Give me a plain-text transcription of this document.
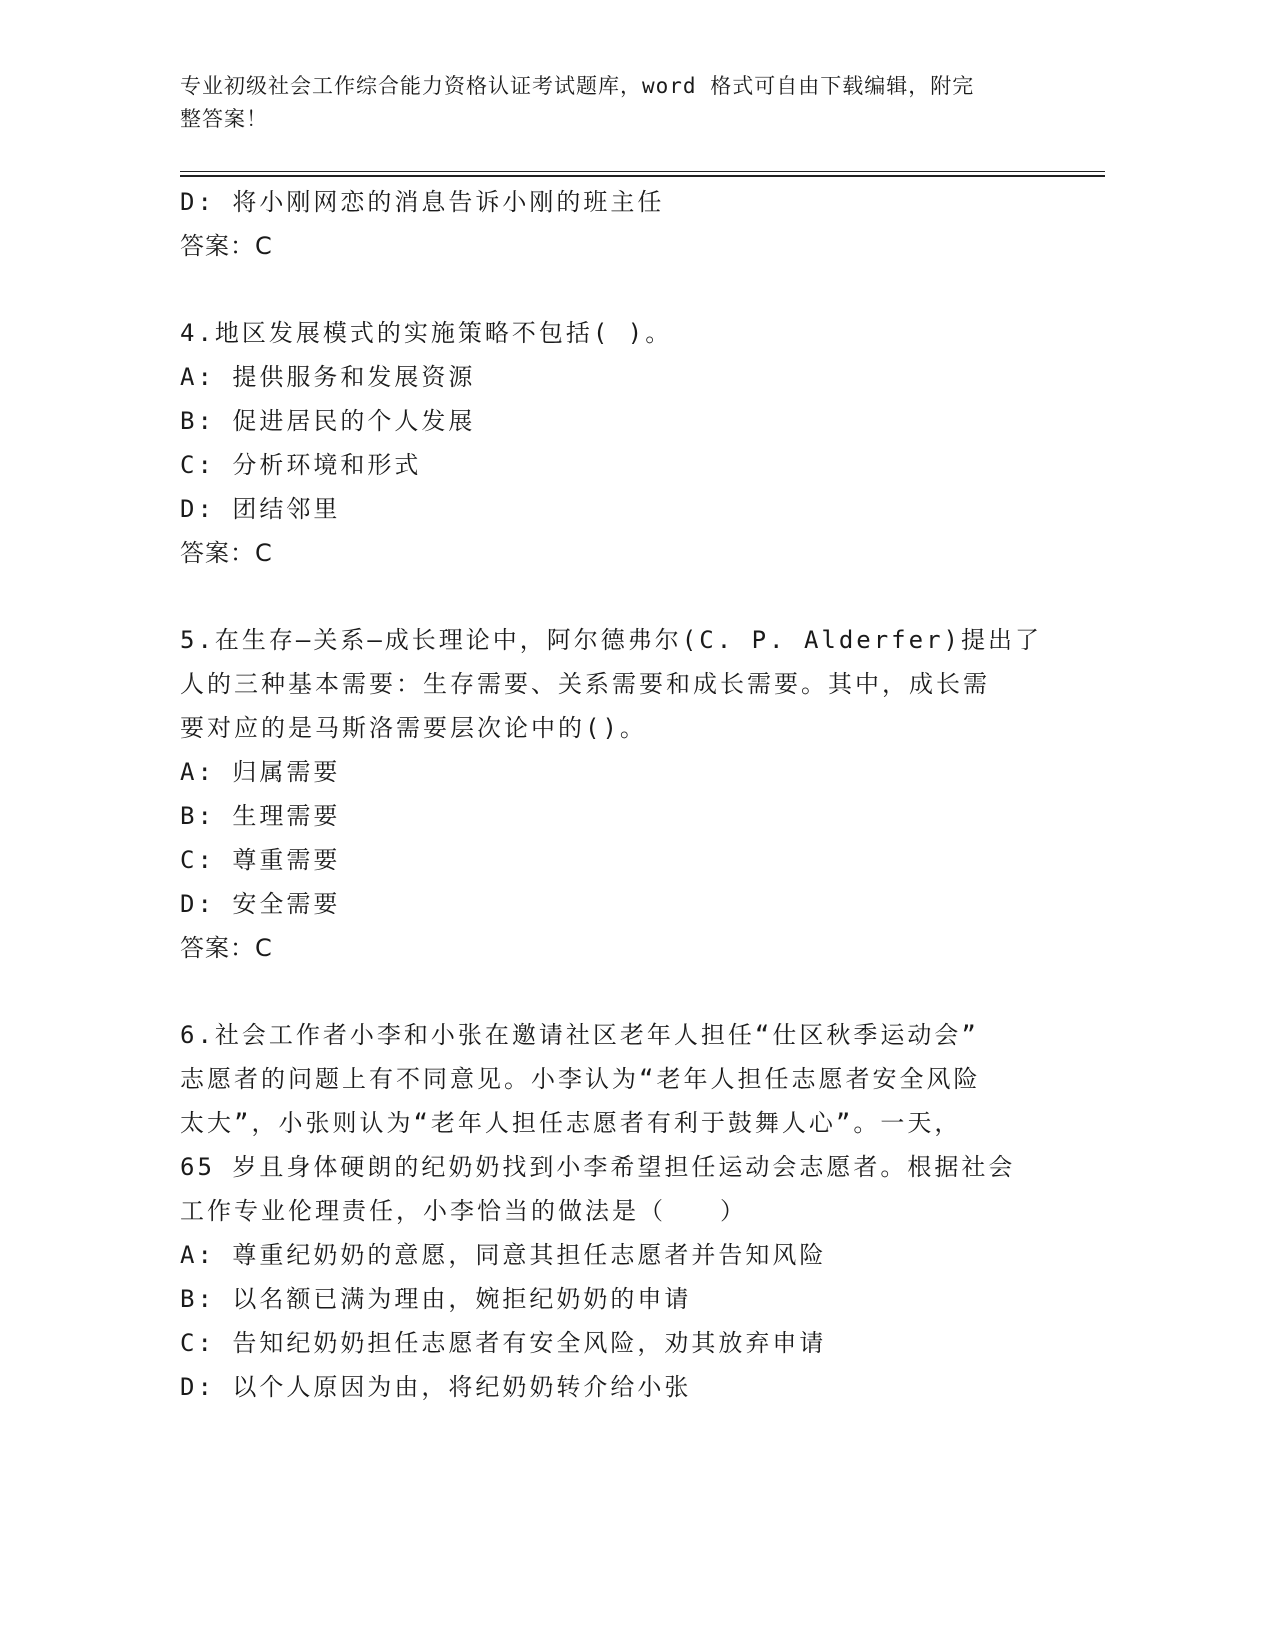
专业初级社会工作综合能力资格认证考试题库，word 格式可自由下载编辑，附完
整答案！
D: 将小刚网恋的消息告诉小刚的班主任
答案：C
4.地区发展模式的实施策略不包括( )。
A: 提供服务和发展资源
B: 促进居民的个人发展
C: 分析环境和形式
D: 团结邻里
答案：C
5.在生存—关系—成长理论中，阿尔德弗尔(C. P. Alderfer)提出了
人的三种基本需要：生存需要、关系需要和成长需要。其中，成长需
要对应的是马斯洛需要层次论中的()。
A: 归属需要
B: 生理需要
C: 尊重需要
D: 安全需要
答案：C
6.社会工作者小李和小张在邀请社区老年人担任“仕区秋季运动会”
志愿者的问题上有不同意见。小李认为“老年人担任志愿者安全风险
太大”，小张则认为“老年人担任志愿者有利于鼓舞人心”。一天，
65 岁且身体硬朗的纪奶奶找到小李希望担任运动会志愿者。根据社会
工作专业伦理责任，小李恰当的做法是（　　）
A: 尊重纪奶奶的意愿，同意其担任志愿者并告知风险
B: 以名额已满为理由，婉拒纪奶奶的申请
C: 告知纪奶奶担任志愿者有安全风险，劝其放弃申请
D: 以个人原因为由，将纪奶奶转介给小张
